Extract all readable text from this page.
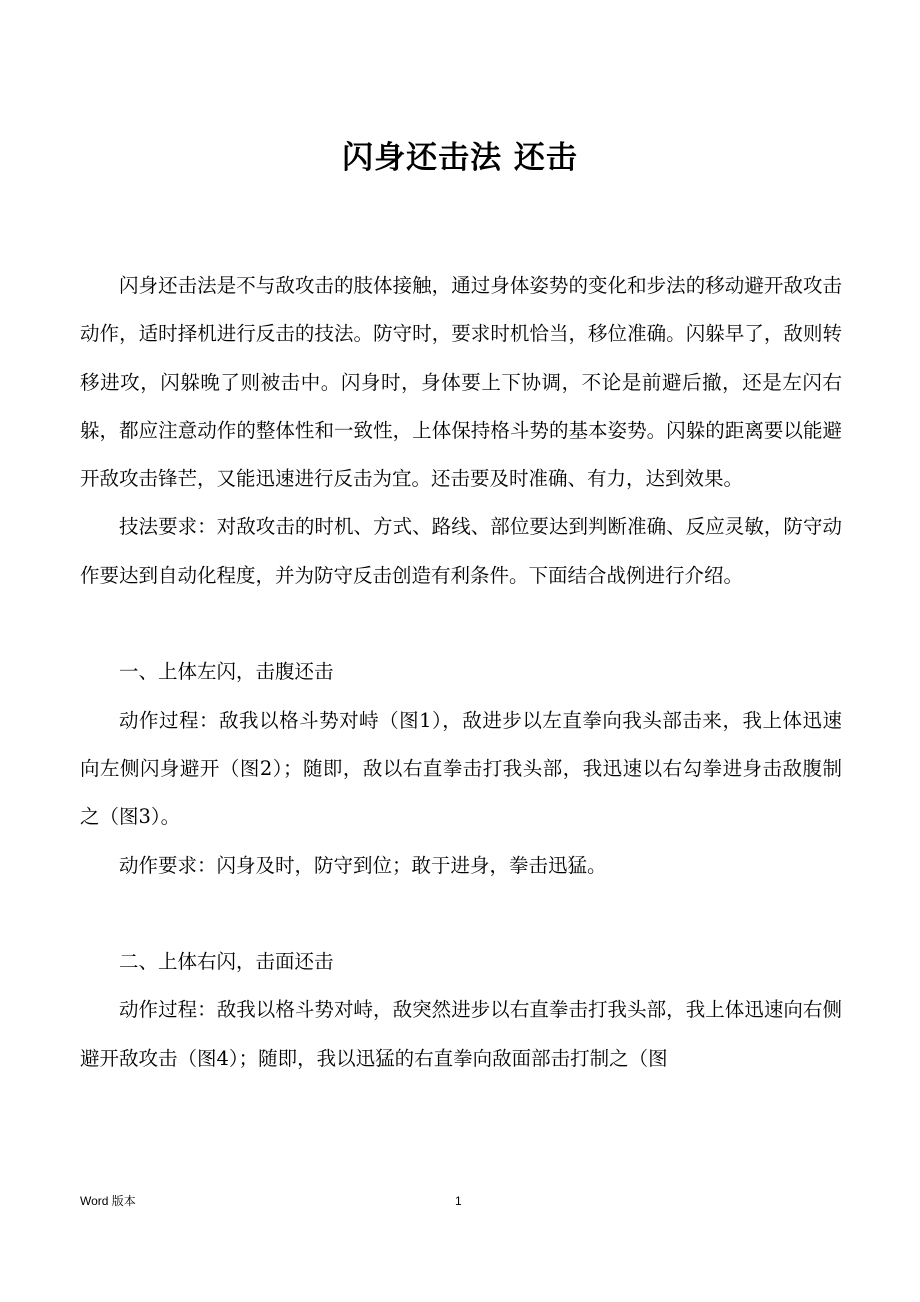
闪身还击法 还击

闪身还击法是不与敌攻击的肢体接触，通过身体姿势的变化和步法的移动避开敌攻击动作，适时择机进行反击的技法。防守时，要求时机恰当，移位准确。闪躲早了，敌则转移进攻，闪躲晚了则被击中。闪身时，身体要上下协调，不论是前避后撤，还是左闪右躲，都应注意动作的整体性和一致性，上体保持格斗势的基本姿势。闪躲的距离要以能避开敌攻击锋芒，又能迅速进行反击为宜。还击要及时准确、有力，达到效果。

技法要求：对敌攻击的时机、方式、路线、部位要达到判断准确、反应灵敏，防守动作要达到自动化程度，并为防守反击创造有利条件。下面结合战例进行介绍。

一、上体左闪，击腹还击

动作过程：敌我以格斗势对峙（图1），敌进步以左直拳向我头部击来，我上体迅速向左侧闪身避开（图2）；随即，敌以右直拳击打我头部，我迅速以右勾拳进身击敌腹制之（图3）。

动作要求：闪身及时，防守到位；敢于进身，拳击迅猛。

二、上体右闪，击面还击

动作过程：敌我以格斗势对峙，敌突然进步以右直拳击打我头部，我上体迅速向右侧避开敌攻击（图4）；随即，我以迅猛的右直拳向敌面部击打制之（图

Word 版本	1
